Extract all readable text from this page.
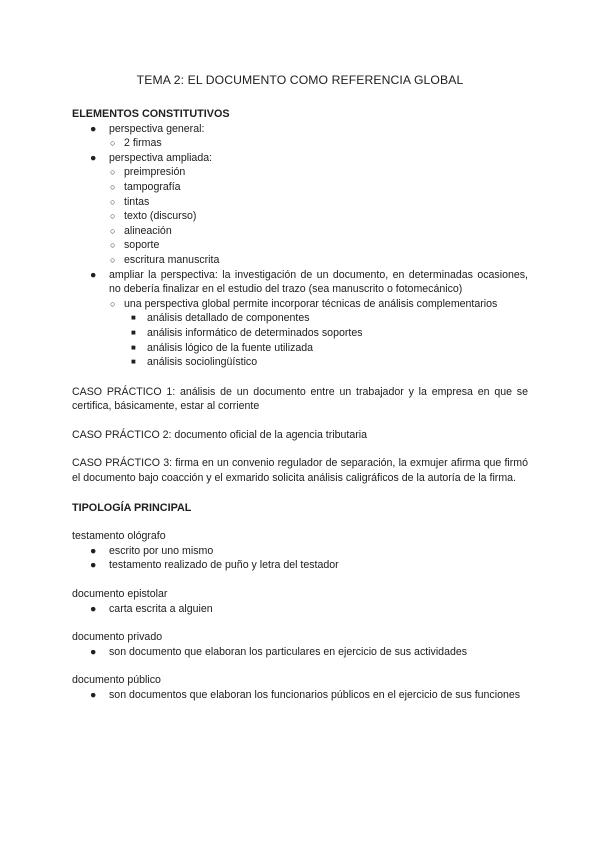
TEMA 2: EL DOCUMENTO COMO REFERENCIA GLOBAL

ELEMENTOS CONSTITUTIVOS

●	perspectiva general:
○ 2 firmas
●	perspectiva ampliada:
○ preimpresión
○ tampografía
○ tintas
○ texto (discurso)
○ alineación
○ soporte
○ escritura manuscrita
●	ampliar la perspectiva: la investigación de un documento, en determinadas ocasiones, no debería finalizar en el estudio del trazo (sea manuscrito o fotomecánico)
○ una perspectiva global permite incorporar técnicas de análisis complementarios
■	análisis detallado de componentes
■	análisis informático de determinados soportes
■	análisis lógico de la fuente utilizada
■	análisis sociolingüístico

CASO PRÁCTICO 1: análisis de un documento entre un trabajador y la empresa en que se certifica, básicamente, estar al corriente

CASO PRÁCTICO 2: documento oficial de la agencia tributaria

CASO PRÁCTICO 3: firma en un convenio regulador de separación, la exmujer afirma que firmó el documento bajo coacción y el exmarido solicita análisis caligráficos de la autoría de la firma.

TIPOLOGÍA PRINCIPAL

testamento ológrafo

●	escrito por uno mismo
●	testamento realizado de puño y letra del testador

documento epistolar

●	carta escrita a alguien

documento privado

●	son documento que elaboran los particulares en ejercicio de sus actividades

documento público

●	son documentos que elaboran los funcionarios públicos en el ejercicio de sus funciones
